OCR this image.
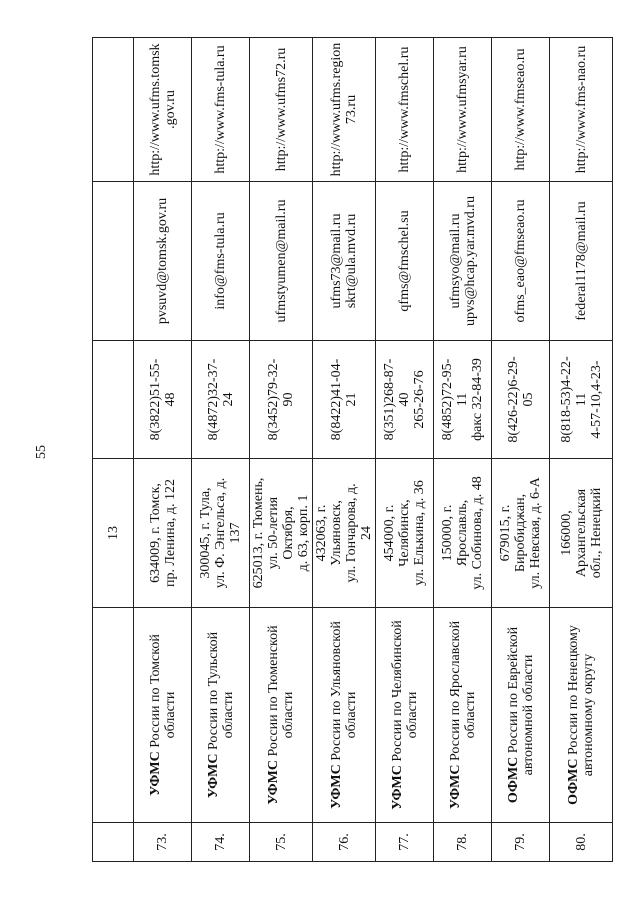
55
		13			
73.	УФМС России по Томской области	634009, г. Томск, пр. Ленина, д. 122	8(3822)51-55- 48	pvsuvd@tomsk.gov.ru	http://www.ufms.tomsk .gov.ru

74.	УФМС России по Тульской области	300045, г. Тула, ул. Ф. Энгельса, д. 137	8(4872)32-37- 24	info@fms-tula.ru	http://www.fms-tula.ru

75.	УФМС России по Тюменской области	625013, г. Тюмень, ул. 50-летия Октября, д. 63, корп. 1	8(3452)79-32- 90	ufmstyumen@mail.ru	http://www.ufms72.ru

76.	УФМС России по Ульяновской области	432063, г. Ульяновск, ул. Гончарова, д. 24	8(8422)41-04- 21	ufms73@mail.ru skrt@ula.mvd.ru	http://www.ufms.region 73.ru

77.	УФМС России по Челябинской области	454000, г. Челябинск, ул. Елькина, д. 36	8(351)268-87- 40 265-26-76	qfms@fmschel.su	http://www.fmschel.ru

78.	УФМС России по Ярославской области	150000, г. Ярославль, ул. Собинова, д. 48	8(4852)72-95- 11 факс 32-84-39	ufmsyo@mail.ru upvs@hcap.yar.mvd.ru	http://www.ufmsyar.ru

79.	ОФМС России по Еврейской автономной области	679015, г. Биробиджан, ул. Невская, д. 6-А	8(426-22)6-29- 05	ofms_eao@fmseao.ru	http://www.fmseao.ru

80.	ОФМС России по Ненецкому автономному округу	166000, Архангельская обл., Ненецкий	8(818-53)4-22- 11 4-57-10,4-23-	federal1178@mail.ru	http://www.fms-nao.ru
